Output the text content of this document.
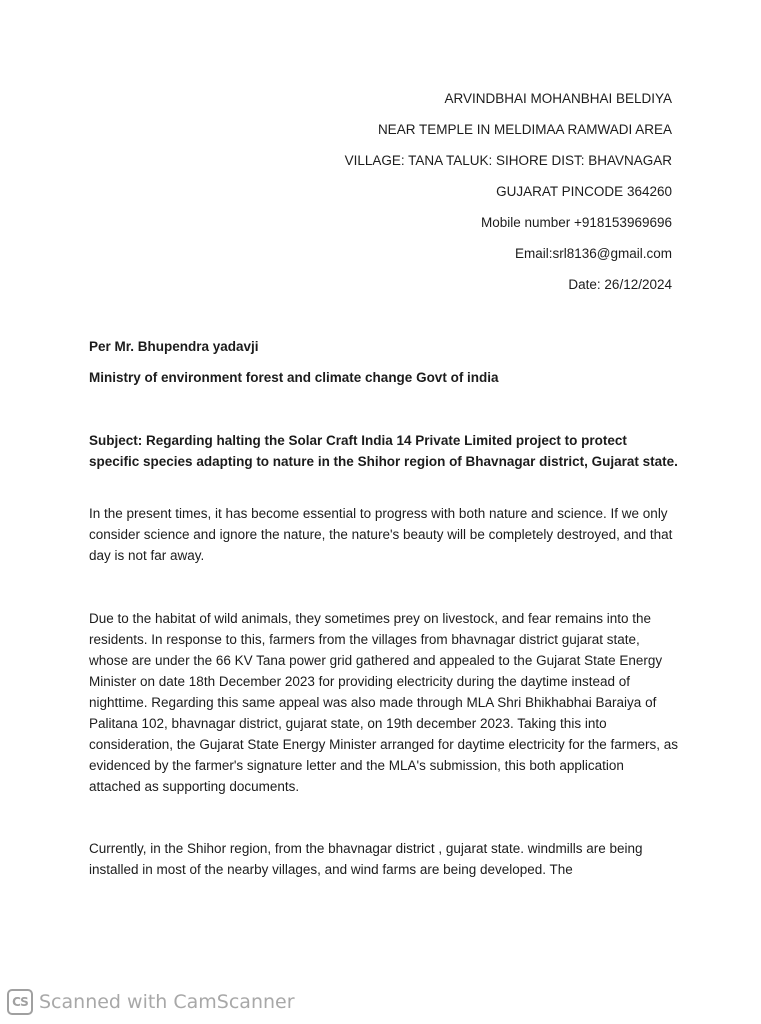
ARVINDBHAI MOHANBHAI BELDIYA
NEAR TEMPLE IN MELDIMAA RAMWADI AREA
VILLAGE: TANA TALUK: SIHORE DIST: BHAVNAGAR
GUJARAT PINCODE 364260
Mobile number +918153969696
Email:srl8136@gmail.com
Date: 26/12/2024
Per Mr. Bhupendra yadavji
Ministry of environment forest and climate change Govt of india
Subject: Regarding halting the Solar Craft India 14 Private Limited project to protect specific species adapting to nature in the Shihor region of Bhavnagar district, Gujarat state.

In the present times, it has become essential to progress with both nature and science. If we only consider science and ignore the nature, the nature's beauty will be completely destroyed, and that day is not far away.

Due to the habitat of wild animals, they sometimes prey on livestock, and fear remains into the residents. In response to this, farmers from the villages from bhavnagar district gujarat state, whose are under the 66 KV Tana power grid gathered and appealed to the Gujarat State Energy Minister on date 18th December 2023 for providing electricity during the daytime instead of nighttime. Regarding this same appeal was also made through MLA Shri Bhikhabhai Baraiya of Palitana 102, bhavnagar district, gujarat state, on 19th december 2023. Taking this into consideration, the Gujarat State Energy Minister arranged for daytime electricity for the farmers, as evidenced by the farmer's signature letter and the MLA's submission, this both application attached as supporting documents.

Currently, in the Shihor region, from the bhavnagar district , gujarat state. windmills are being installed in most of the nearby villages, and wind farms are being developed. The

CS Scanned with CamScanner
